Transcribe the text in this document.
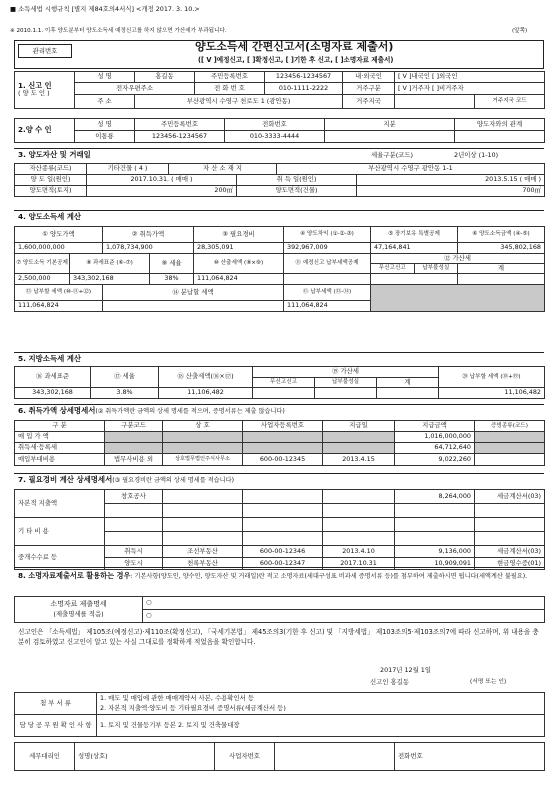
■ 소득세법 시행규칙 [별지 제84호의4서식] <개정 2017. 3. 10.>
※ 2010.1.1. 이후 양도분부터 양도소득세 예정신고를 하지 않으면 가산세가 부과됩니다.	(앞쪽)
관리번호	양도소득세 간편신고서(소명자료 제출서)
([ V ]예정신고, [ ]확정신고, [ ]기한 후 신고, [ ]소명자료 제출서)
1. 신고 인
( 양 도 인 )	성 명	홍길동	주민등록번호	123456-1234567	내·외국인	[ V ]내국인 [ ]외국인	
	전자우편주소		전 화 번 호	010-1111-2222	거주구분	[ V ]거주자 [ ]비거주자	
	주 소	부산광역시 수영구 천로도 1 (광안동)			거주지국		거주지국 코드
2.양 수 인	성 명	주민등록번호	전화번호	지분	양도자와의 관계
	이통룡	123456-1234567	010-3333-4444		
3. 양도자산 및 거래일	세율구분(코드)	2년이상 (1-10)
자산종류(코드)	기타건물 ( 4 )	자 산 소 재 지		부산광역시 수영구 광안동 1-1	
양 도 일(원인)	2017.10.31. ( 매매 )		취 득 일(원인)		2013.5.15 ( 매매 )
양도면적(토지)	200㎡		양도면적(건물)		700㎡
4. 양도소득세 계산
① 양도가액	② 취득가액	③ 필요경비	④ 양도차익 (①-②-③)	⑤ 장기보유 특별공제	⑥ 양도소득금액 (④-⑤)
1,600,000,000	1,078,734,900	28,305,091	392,967,009	47,164,841	345,802,168
⑦ 양도소득 기본공제	⑧ 과세표준 (⑥-⑦)	⑨ 세율	⑩ 산출세액 (⑧×⑨)	⑪ 예정신고 납부세액공제	⑫ 가산세

무신고신고	납부불성실
		계
2,500,000	343,302,168	38%	111,064,824			
⑬ 납부할 세액 (⑩-⑪+⑫)	⑭ 분납할 세액	⑮ 납부세액 (⑬-⑭)	
111,064,824		111,064,824
5. 지방소득세 계산
⑯ 과세표준	⑰ 세율	⑱ 산출세액(⑯×⑰)	⑲ 가산세			⑳ 납부할 세액 (⑱+⑲)
			무신고신고	납부불성실	계	
343,302,168	3.8%	11,106,482				11,106,482
6. 취득가액 상세명세서(② 취득가액란 금액의 상세 명세를 적으며, 증명서류는 제출 않습니다)
구 분	구분코드	상 호	사업자등록번호	지급일	지급금액	증빙종류(코드)
매 입 가 액					1,016,000,000	
취득세·등록세					64,712,640	
매입부대비용	법무사비용 외	상호법무법인주식사무소	600-00-12345	2013.4.15	9,022,260	
7. 필요경비 계산 상세명세서(③ 필요경비란 금액의 상세 명세를 적습니다)
자본적 지출액	창호공사				8,264,000	세금계산서(03)

기 타 비 용						

중개수수료 등	취득시	조선부동산	600-00-12346	2013.4.10	9,136,000	세금계산서(03)
	양도시	천록부동산	600-00-12347	2017.10.31	10,909,091	현금영수증(01)
8. 소명자료제출서로 활용하는 경우: 기본사항(양도인, 양수인, 양도자산 및 거래일)란 적고 소명자료(세대구성표 비과세 증명서류 등)를 첨부하여 제출하시면 됩니다(세액계산 불필요).
소명자료 제출명세
(제출명세를 적음)
	○
○
신고인은 「소득세법」 제105조(예정신고)·제110조(확정신고), 「국세기본법」 제45조의3(기한 후 신고) 및 「지방세법」 제103조의5·제103조의7에 따라 신고하며, 위 내용을 충분히 검토하였고 신고인이 알고 있는 사실 그대로를 정확하게 적었음을 확인합니다.
2017년 12월 1일
신고인 홍길동	(서명 또는 인)
첨 부 서 류	1. 매도 및 매입에 관한 매매계약서 사본, 수용확인서 등
2. 자본적 지출액·양도비 등 기타필요경비 증명서류(세금계산서 등)

담 당 공 무 원 확 인 사 항	1. 토지 및 건물등기부 등본 2. 토지 및 건축물대장
세무대리인	성명(상호)	사업자번호		전화번호
